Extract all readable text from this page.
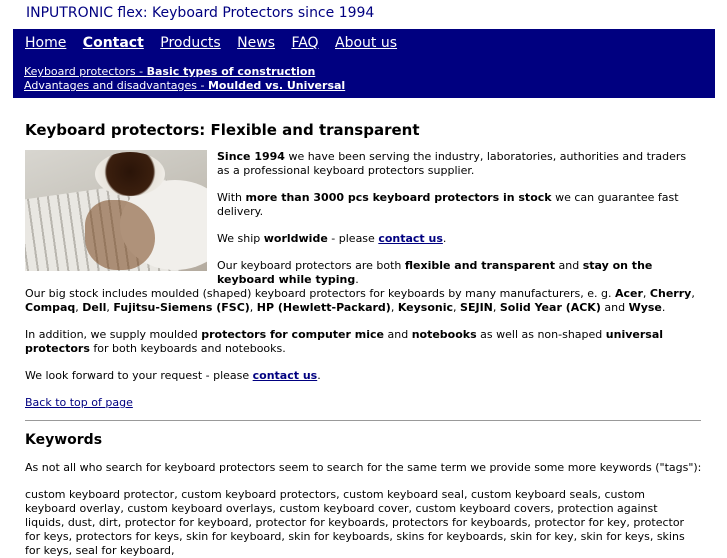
INPUTRONIC flex: Keyboard Protectors since 1994
Home Contact Products News FAQ About us
Keyboard protectors - Basic types of construction
Advantages and disadvantages - Moulded vs. Universal
Keyboard protectors: Flexible and transparent

Since 1994 we have been serving the industry, laboratories, authorities and traders as a professional keyboard protectors supplier.

With more than 3000 pcs keyboard protectors in stock we can guarantee fast delivery.

We ship worldwide - please contact us.

Our keyboard protectors are both flexible and transparent and stay on the keyboard while typing.

Our big stock includes moulded (shaped) keyboard protectors for keyboards by many manufacturers, e. g. Acer, Cherry, Compaq, Dell, Fujitsu-Siemens (FSC), HP (Hewlett-Packard), Keysonic, SEJIN, Solid Year (ACK) and Wyse.

In addition, we supply moulded protectors for computer mice and notebooks as well as non-shaped universal protectors for both keyboards and notebooks.

We look forward to your request - please contact us.

Back to top of page

Keywords
As not all who search for keyboard protectors seem to search for the same term we provide some more keywords ("tags"):
custom keyboard protector, custom keyboard protectors, custom keyboard seal, custom keyboard seals, custom keyboard overlay, custom keyboard overlays, custom keyboard cover, custom keyboard covers, protection against liquids, dust, dirt, protector for keyboard, protector for keyboards, protectors for keyboards, protector for key, protector for keys, protectors for keys, skin for keyboard, skin for keyboards, skins for keyboards, skin for key, skin for keys, skins for keys, seal for keyboard,
